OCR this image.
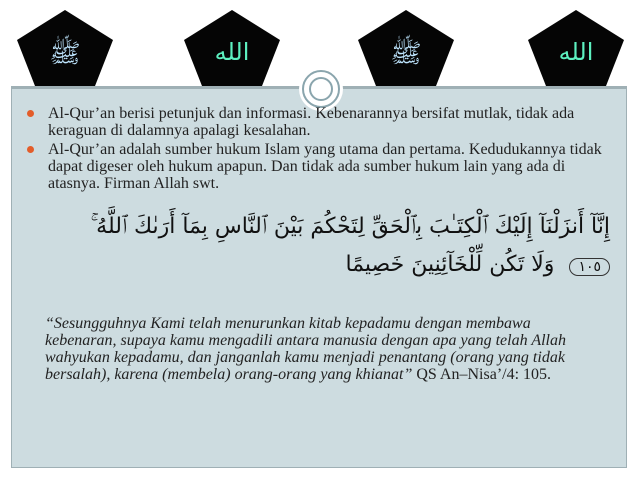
ﷺ	الله	ﷺ	الله
Al-Qur’an berisi petunjuk dan informasi. Kebenarannya bersifat mutlak, tidak ada keraguan di dalamnya apalagi kesalahan.
Al-Qur’an adalah sumber hukum Islam yang utama dan pertama. Kedudukannya tidak dapat digeser oleh hukum apapun. Dan tidak ada sumber hukum lain yang ada di atasnya. Firman Allah swt.
إِنَّآ أَنزَلْنَآ إِلَيْكَ ٱلْكِتَـٰبَ بِٱلْحَقِّ لِتَحْكُمَ بَيْنَ ٱلنَّاسِ بِمَآ أَرَىٰكَ ٱللَّهُ ۚ
١٠٥ وَلَا تَكُن لِّلْخَآئِنِينَ خَصِيمًا
“Sesungguhnya Kami telah menurunkan kitab kepadamu dengan membawa kebenaran, supaya kamu mengadili antara manusia dengan apa yang telah Allah wahyukan kepadamu, dan janganlah kamu menjadi penantang (orang yang tidak bersalah), karena (membela) orang-orang yang khianat” QS An–Nisa’/4: 105.
